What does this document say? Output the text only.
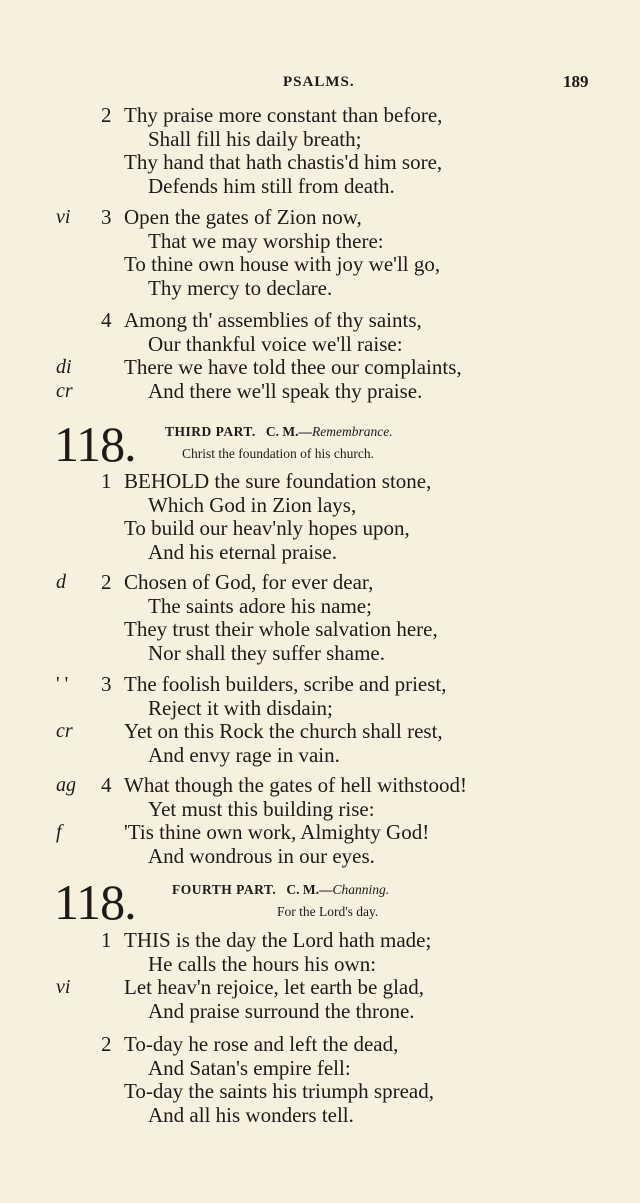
PSALMS.	189
2 Thy praise more constant than before,
Shall fill his daily breath;
Thy hand that hath chastis'd him sore,
Defends him still from death.
vi 3 Open the gates of Zion now,
That we may worship there:
To thine own house with joy we'll go,
Thy mercy to declare.
4 Among th' assemblies of thy saints,
Our thankful voice we'll raise:
di There we have told thee our complaints,
cr	And there we'll speak thy praise.
118. THIRD PART. C. M.—Remembrance.
Christ the foundation of his church.
1 BEHOLD the sure foundation stone,
Which God in Zion lays,
To build our heav'nly hopes upon,
And his eternal praise.
d 2 Chosen of God, for ever dear,
The saints adore his name;
They trust their whole salvation here,
Nor shall they suffer shame.
' ' 3 The foolish builders, scribe and priest,
Reject it with disdain;
cr Yet on this Rock the church shall rest,
And envy rage in vain.
ag 4 What though the gates of hell withstood!
Yet must this building rise:
f	'Tis thine own work, Almighty God!
And wondrous in our eyes.
118.	FOURTH PART. C. M.—Channing.
For the Lord's day.
1 THIS is the day the Lord hath made;
He calls the hours his own:
vi	Let heav'n rejoice, let earth be glad,
And praise surround the throne.
2 To-day he rose and left the dead,
And Satan's empire fell:
To-day the saints his triumph spread,
And all his wonders tell.
